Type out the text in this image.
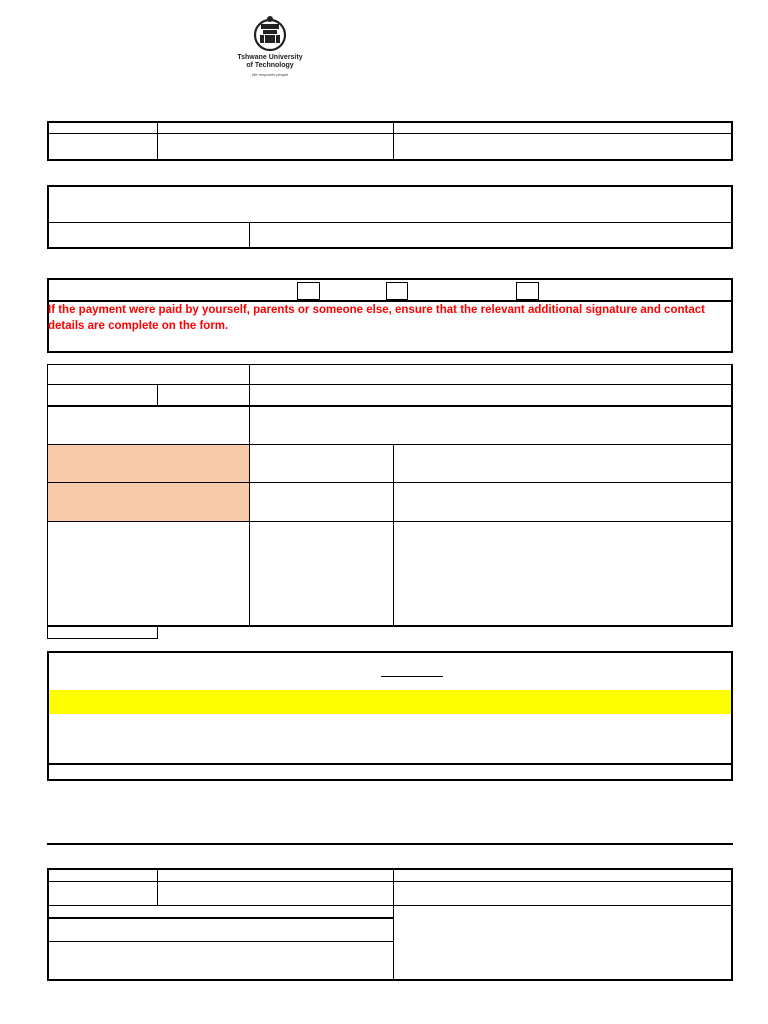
Tshwane University
of Technology
We empower people
If the payment were paid by yourself, parents or someone else, ensure that the relevant additional signature and contact details are complete on the form.
